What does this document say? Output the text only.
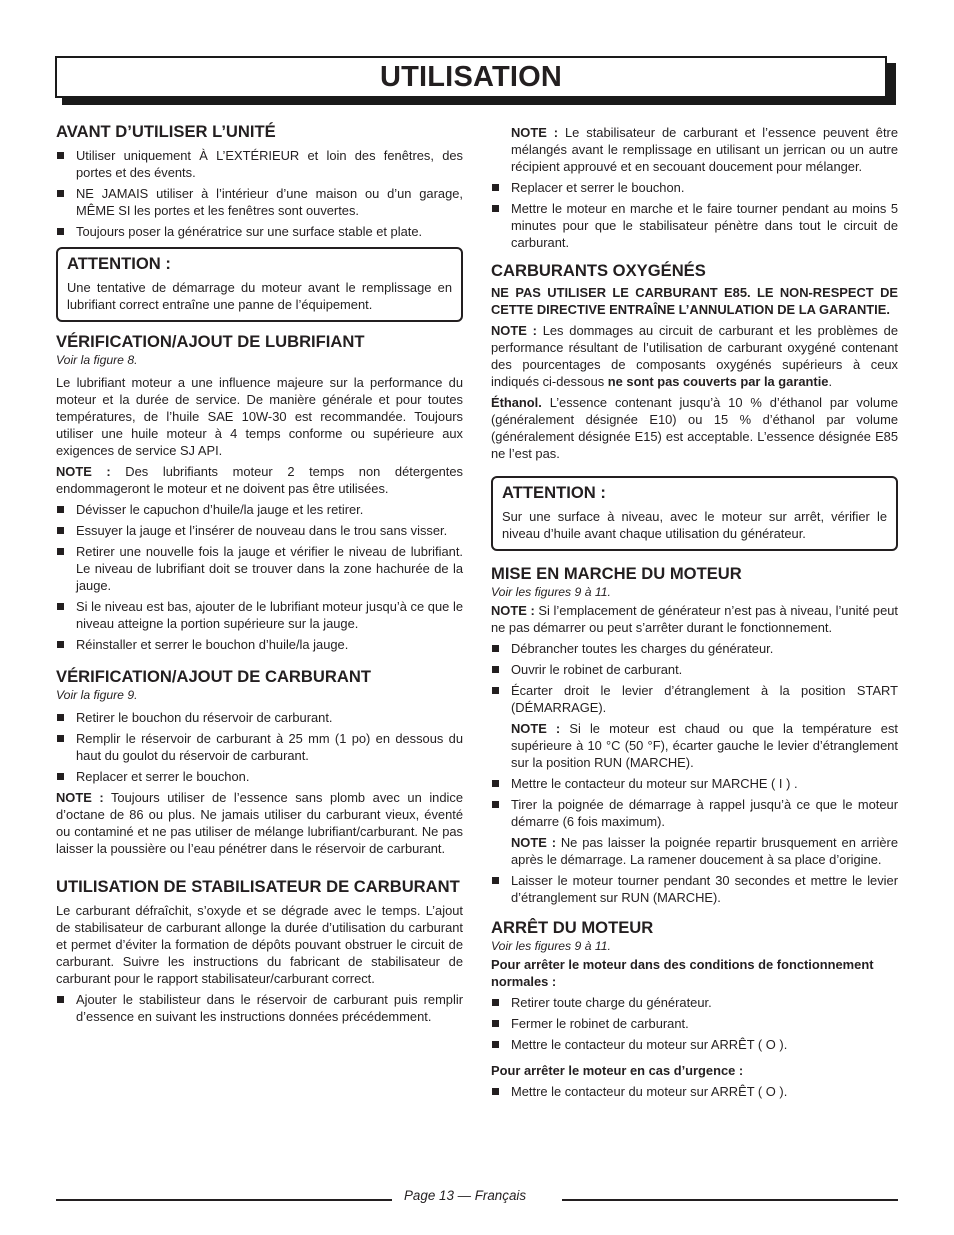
UTILISATION
AVANT D’UTILISER L’UNITÉ
Utiliser uniquement À L’EXTÉRIEUR et loin des fenêtres, des portes et des évents.
NE JAMAIS utiliser à l’intérieur d’une maison ou d’un garage, MÊME SI les portes et les fenêtres sont ouvertes.
Toujours poser la génératrice sur une surface stable et plate.
ATTENTION :

Une tentative de démarrage du moteur avant le remplissage en lubrifiant correct entraîne une panne de l’équipement.

VÉRIFICATION/AJOUT DE LUBRIFIANT
Voir la figure 8.

Le lubrifiant moteur a une influence majeure sur la performance du moteur et la durée de service. De manière générale et pour toutes températures, de l’huile SAE 10W-30 est recommandée. Toujours utiliser une huile moteur à 4 temps conforme ou supérieure aux exigences de service SJ API.

NOTE : Des lubrifiants moteur 2 temps non détergentes endommageront le moteur et ne doivent pas être utilisées.

Dévisser le capuchon d’huile/la jauge et les retirer.
Essuyer la jauge et l’insérer de nouveau dans le trou sans visser.
Retirer une nouvelle fois la jauge et vérifier le niveau de lubrifiant. Le niveau de lubrifiant doit se trouver dans la zone hachurée de la jauge.
Si le niveau est bas, ajouter de le lubrifiant moteur jusqu’à ce que le niveau atteigne la portion supérieure sur la jauge.
Réinstaller et serrer le bouchon d’huile/la jauge.
VÉRIFICATION/AJOUT DE CARBURANT
Voir la figure 9.
Retirer le bouchon du réservoir de carburant.
Remplir le réservoir de carburant à 25 mm (1 po) en dessous du haut du goulot du réservoir de carburant.
Replacer et serrer le bouchon.

NOTE : Toujours utiliser de l’essence sans plomb avec un indice d’octane de 86 ou plus. Ne jamais utiliser du carburant vieux, éventé ou contaminé et ne pas utiliser de mélange lubrifiant/carburant. Ne pas laisser la poussière ou l’eau pénétrer dans le réservoir de carburant.

UTILISATION DE STABILISATEUR DE CARBURANT

Le carburant défraîchit, s’oxyde et se dégrade avec le temps. L’ajout de stabilisateur de carburant allonge la durée d’utilisation du carburant et permet d’éviter la formation de dépôts pouvant obstruer le circuit de carburant. Suivre les instructions du fabricant de stabilisateur de carburant pour le rapport stabilisateur/carburant correct.

Ajouter le stabilisteur dans le réservoir de carburant puis remplir d’essence en suivant les instructions données précédemment.

NOTE : Le stabilisateur de carburant et l’essence peuvent être mélangés avant le remplissage en utilisant un jerrican ou un autre récipient approuvé et en secouant doucement pour mélanger.

Replacer et serrer le bouchon.
Mettre le moteur en marche et le faire tourner pendant au moins 5 minutes pour que le stabilisateur pénètre dans tout le circuit de carburant.
CARBURANTS OXYGÉNÉS

NE PAS UTILISER LE CARBURANT E85. LE NON-RESPECT DE CETTE DIRECTIVE ENTRAÎNE L’ANNULATION DE LA GARANTIE.

NOTE : Les dommages au circuit de carburant et les problèmes de performance résultant de l’utilisation de carburant oxygéné contenant des pourcentages de composants oxygénés supérieurs à ceux indiqués ci-dessous ne sont pas couverts par la garantie.

Éthanol. L’essence contenant jusqu’à 10 % d’éthanol par volume (généralement désignée E10) ou 15 % d’éthanol par volume (généralement désignée E15) est acceptable. L’essence désignée E85 ne l’est pas.

ATTENTION :

Sur une surface à niveau, avec le moteur sur arrêt, vérifier le niveau d’huile avant chaque utilisation du générateur.

MISE EN MARCHE DU MOTEUR
Voir les figures 9 à 11.

NOTE : Si l’emplacement de générateur n’est pas à niveau, l’unité peut ne pas démarrer ou peut s’arrêter durant le fonctionnement.

Débrancher toutes les charges du générateur.
Ouvrir le robinet de carburant.
Écarter droit le levier d’étranglement à la position START (DÉMARRAGE).

NOTE : Si le moteur est chaud ou que la température est supérieure à 10 °C (50 °F), écarter gauche le levier d’étranglement sur la position RUN (MARCHE).

Mettre le contacteur du moteur sur MARCHE ( I ) .
Tirer la poignée de démarrage à rappel jusqu’à ce que le moteur démarre (6 fois maximum).

NOTE : Ne pas laisser la poignée repartir brusquement en arrière après le démarrage. La ramener doucement à sa place d’origine.

Laisser le moteur tourner pendant 30 secondes et mettre le levier d’étranglement sur RUN (MARCHE).
ARRÊT DU MOTEUR
Voir les figures 9 à 11.

Pour arrêter le moteur dans des conditions de fonctionnement normales :

Retirer toute charge du générateur.
Fermer le robinet de carburant.
Mettre le contacteur du moteur sur ARRÊT ( O ).

Pour arrêter le moteur en cas d’urgence :

Mettre le contacteur du moteur sur ARRÊT ( O ).
Page 13 — Français
